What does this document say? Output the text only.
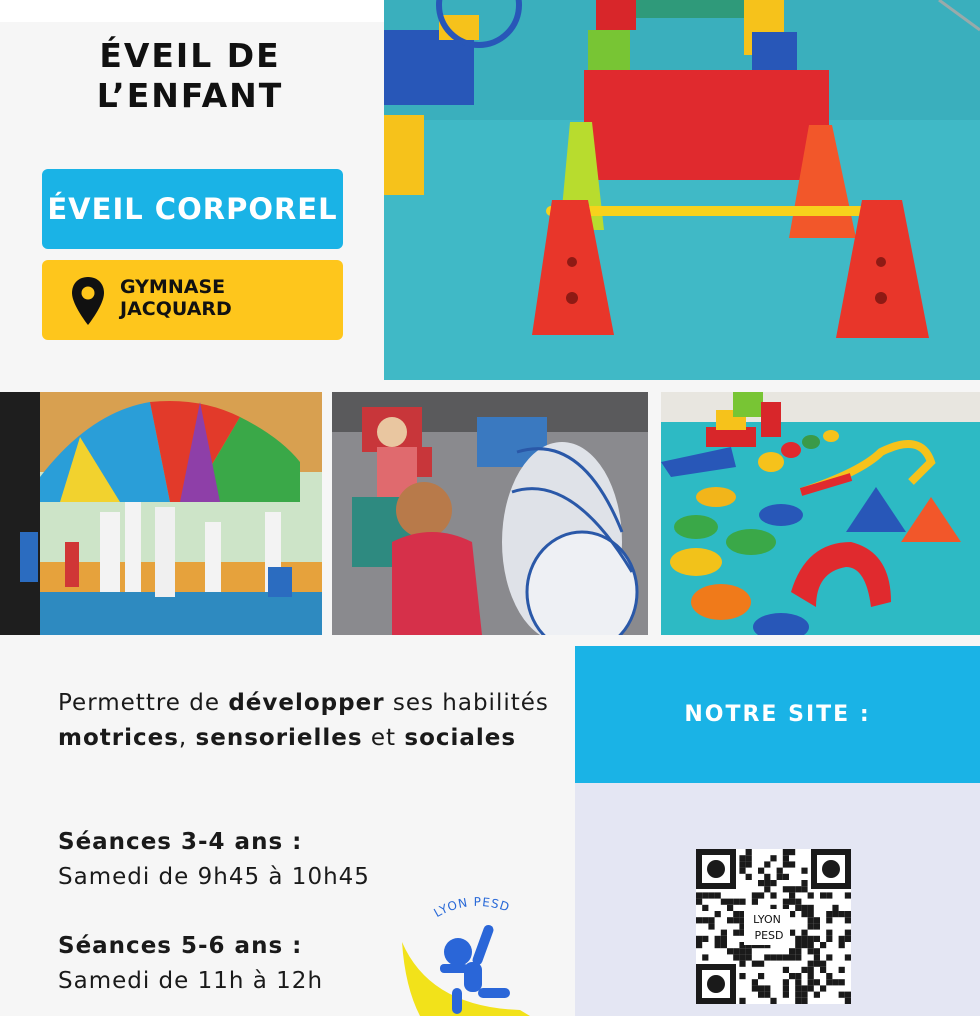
ÉVEIL DE
L’ENFANT
ÉVEIL CORPOREL
GYMNASE
JACQUARD
Permettre de développer ses habilités motrices, sensorielles et sociales
Séances 3-4 ans :
Samedi de 9h45 à 10h45
Séances 5-6 ans :
Samedi de 11h à 12h
LYON PESD
NOTRE SITE :
LYON
PESD
